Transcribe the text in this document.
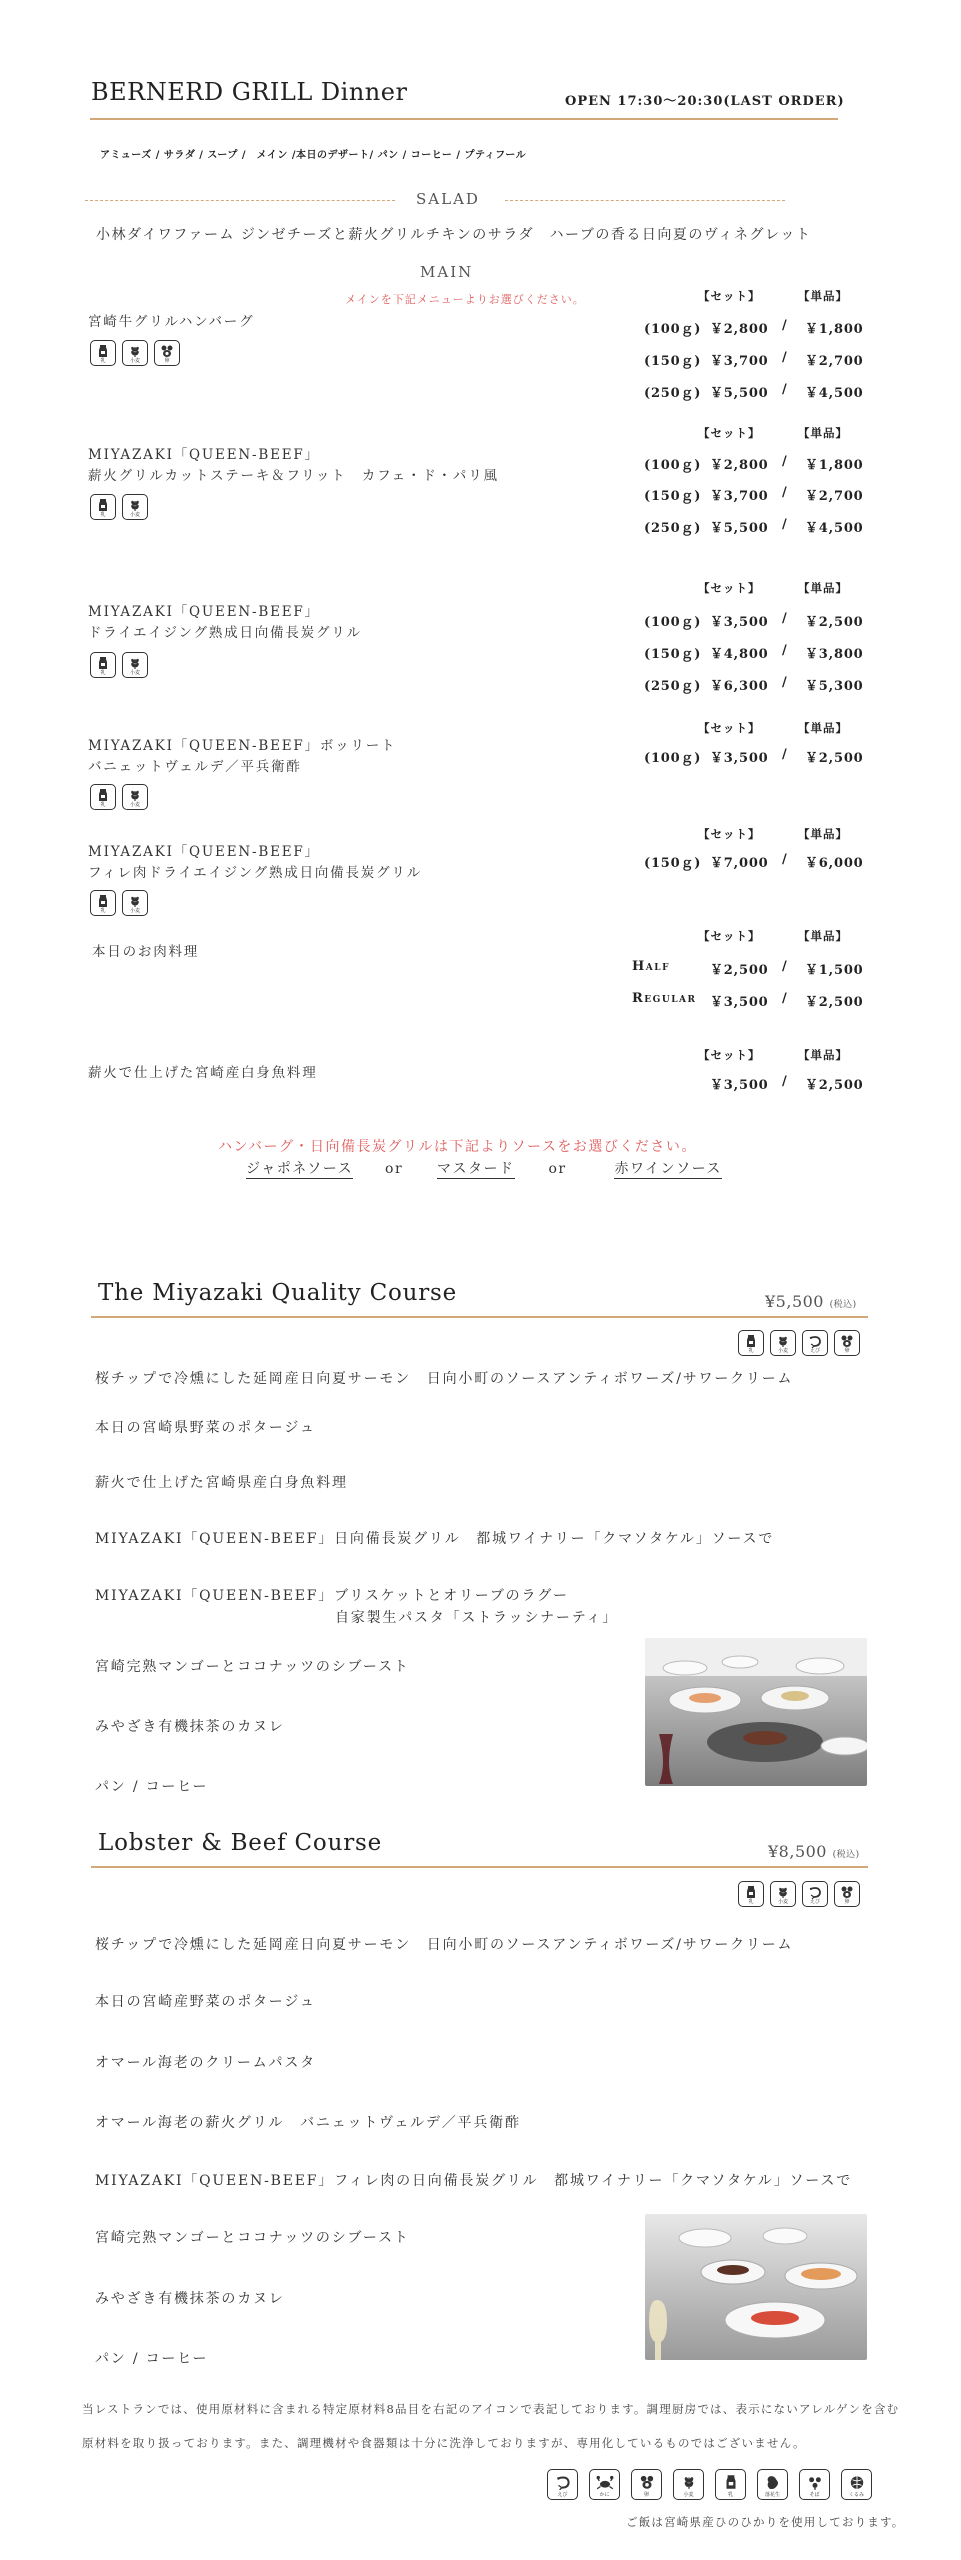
BERNERD GRILL Dinner	OPEN 17:30〜20:30(LAST ORDER)
アミューズ / サラダ / スープ /　メイン /本日のデザート/ パン / コーヒー / プティフール
SALAD
小林ダイワファーム ジンゼチーズと薪火グリルチキンのサラダ　ハーブの香る日向夏のヴィネグレット
MAIN
メインを下記メニューよりお選びください。
宮崎牛グリルハンバーグ
乳	小麦	卵
【セット】	【単品】
(100ｇ) ￥2,800 / ￥1,800
(150ｇ) ￥3,700 / ￥2,700
(250ｇ) ￥5,500 / ￥4,500
MIYAZAKI「QUEEN-BEEF」
薪火グリルカットステーキ＆フリット　カフェ・ド・パリ風
乳	小麦
【セット】	【単品】
(100ｇ) ￥2,800 / ￥1,800
(150ｇ) ￥3,700 / ￥2,700
(250ｇ) ￥5,500 / ￥4,500
MIYAZAKI「QUEEN-BEEF」
ドライエイジング熟成日向備長炭グリル
乳	小麦
【セット】	【単品】
(100ｇ) ￥3,500 / ￥2,500
(150ｇ) ￥4,800 / ￥3,800
(250ｇ) ￥6,300 / ￥5,300
MIYAZAKI「QUEEN-BEEF」ボッリート
バニェットヴェルデ／平兵衛酢
乳	小麦
【セット】	【単品】
(100ｇ) ￥3,500 / ￥2,500
MIYAZAKI「QUEEN-BEEF」
フィレ肉ドライエイジング熟成日向備長炭グリル
乳	小麦
【セット】	【単品】
(150ｇ) ￥7,000 / ￥6,000
本日のお肉料理
【セット】	【単品】
Half	￥2,500 / ￥1,500
Regular ￥3,500 / ￥2,500
薪火で仕上げた宮崎産白身魚料理
【セット】	【単品】
￥3,500 / ￥2,500
ハンバーグ・日向備長炭グリルは下記よりソースをお選びください。
ジャポネソース or マスタード or	赤ワインソース
The Miyazaki Quality Course	¥5,500 (税込)
乳	小麦	えび	卵
桜チップで冷燻にした延岡産日向夏サーモン　日向小町のソースアンティボワーズ/サワークリーム
本日の宮崎県野菜のポタージュ
薪火で仕上げた宮崎県産白身魚料理
MIYAZAKI「QUEEN-BEEF」日向備長炭グリル　都城ワイナリー「クマソタケル」ソースで
MIYAZAKI「QUEEN-BEEF」ブリスケットとオリーブのラグー
自家製生パスタ「ストラッシナーティ」
宮崎完熟マンゴーとココナッツのシブースト
みやざき有機抹茶のカヌレ
パン / コーヒー
Lobster & Beef Course	¥8,500 (税込)
乳	小麦	えび	卵
桜チップで冷燻にした延岡産日向夏サーモン　日向小町のソースアンティボワーズ/サワークリーム
本日の宮崎産野菜のポタージュ
オマール海老のクリームパスタ
オマール海老の薪火グリル　バニェットヴェルデ／平兵衛酢
MIYAZAKI「QUEEN-BEEF」フィレ肉の日向備長炭グリル　都城ワイナリー「クマソタケル」ソースで
宮崎完熟マンゴーとココナッツのシブースト
みやざき有機抹茶のカヌレ
パン / コーヒー
当レストランでは、使用原材料に含まれる特定原材料8品目を右記のアイコンで表記しております。調理厨房では、表示にないアレルゲンを含む
原材料を取り扱っております。また、調理機材や食器類は十分に洗浄しておりますが、専用化しているものではございません。
えび	かに	卵	小麦	乳	落花生	そば	くるみ
ご飯は宮崎県産ひのひかりを使用しております。
